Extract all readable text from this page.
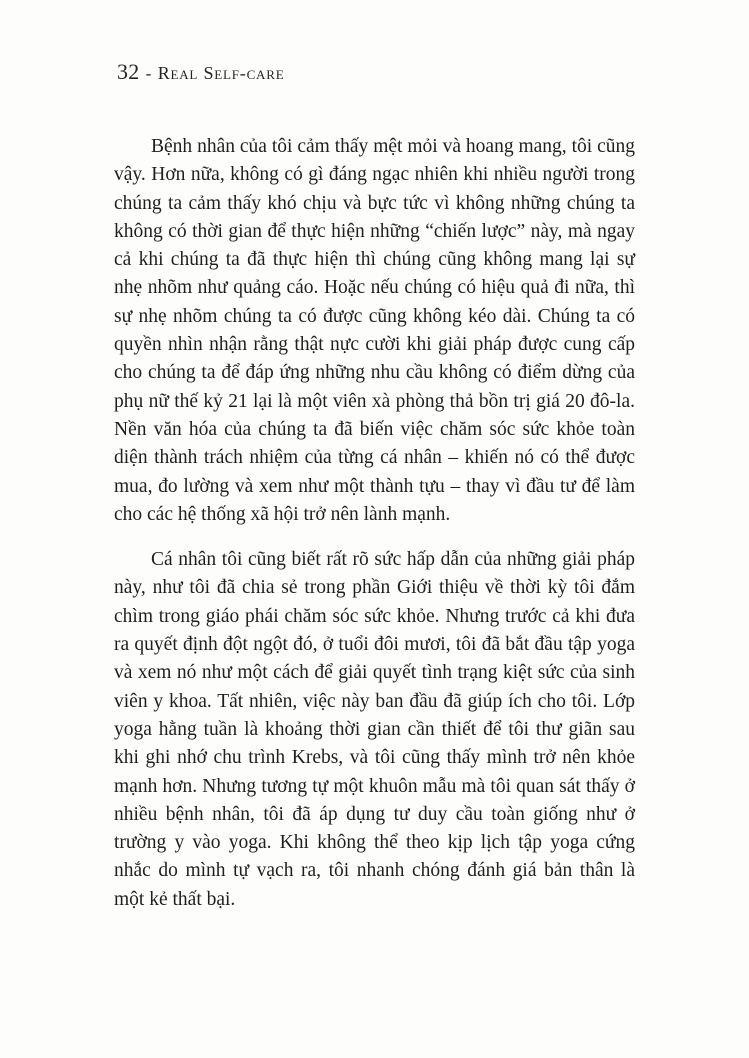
32 - Real Self-care

Bệnh nhân của tôi cảm thấy mệt mỏi và hoang mang, tôi cũng vậy. Hơn nữa, không có gì đáng ngạc nhiên khi nhiều người trong chúng ta cảm thấy khó chịu và bực tức vì không những chúng ta không có thời gian để thực hiện những “chiến lược” này, mà ngay cả khi chúng ta đã thực hiện thì chúng cũng không mang lại sự nhẹ nhõm như quảng cáo. Hoặc nếu chúng có hiệu quả đi nữa, thì sự nhẹ nhõm chúng ta có được cũng không kéo dài. Chúng ta có quyền nhìn nhận rằng thật nực cười khi giải pháp được cung cấp cho chúng ta để đáp ứng những nhu cầu không có điểm dừng của phụ nữ thế kỷ 21 lại là một viên xà phòng thả bồn trị giá 20 đô-la. Nền văn hóa của chúng ta đã biến việc chăm sóc sức khỏe toàn diện thành trách nhiệm của từng cá nhân – khiến nó có thể được mua, đo lường và xem như một thành tựu – thay vì đầu tư để làm cho các hệ thống xã hội trở nên lành mạnh.

Cá nhân tôi cũng biết rất rõ sức hấp dẫn của những giải pháp này, như tôi đã chia sẻ trong phần Giới thiệu về thời kỳ tôi đắm chìm trong giáo phái chăm sóc sức khỏe. Nhưng trước cả khi đưa ra quyết định đột ngột đó, ở tuổi đôi mươi, tôi đã bắt đầu tập yoga và xem nó như một cách để giải quyết tình trạng kiệt sức của sinh viên y khoa. Tất nhiên, việc này ban đầu đã giúp ích cho tôi. Lớp yoga hằng tuần là khoảng thời gian cần thiết để tôi thư giãn sau khi ghi nhớ chu trình Krebs, và tôi cũng thấy mình trở nên khỏe mạnh hơn. Nhưng tương tự một khuôn mẫu mà tôi quan sát thấy ở nhiều bệnh nhân, tôi đã áp dụng tư duy cầu toàn giống như ở trường y vào yoga. Khi không thể theo kịp lịch tập yoga cứng nhắc do mình tự vạch ra, tôi nhanh chóng đánh giá bản thân là một kẻ thất bại.
